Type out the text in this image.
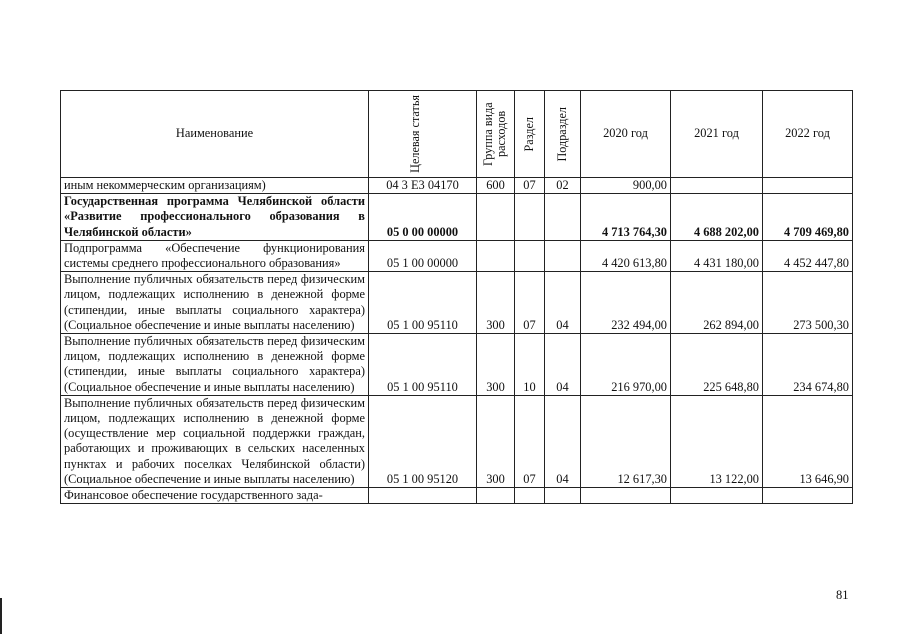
Наименование	Целевая статья	Группа вида расходов	Раздел	Подраздел	2020 год	2021 год	2022 год
иным некоммерческим организациям)	04 3 E3 04170	600	07	02	900,00		
Государственная программа Челябинской области «Развитие профессионального образования в Челябинской области»	05 0 00 00000				4 713 764,30	4 688 202,00	4 709 469,80
Подпрограмма «Обеспечение функционирования системы среднего профессионального образования»	05 1 00 00000				4 420 613,80	4 431 180,00	4 452 447,80
Выполнение публичных обязательств перед физическим лицом, подлежащих исполнению в денежной форме (стипендии, иные выплаты социального характера) (Социальное обеспечение и иные выплаты населению)	05 1 00 95110	300	07	04	232 494,00	262 894,00	273 500,30
Выполнение публичных обязательств перед физическим лицом, подлежащих исполнению в денежной форме (стипендии, иные выплаты социального характера) (Социальное обеспечение и иные выплаты населению)	05 1 00 95110	300	10	04	216 970,00	225 648,80	234 674,80
Выполнение публичных обязательств перед физическим лицом, подлежащих исполнению в денежной форме (осуществление мер социальной поддержки граждан, работающих и проживающих в сельских населенных пунктах и рабочих поселках Челябинской области) (Социальное обеспечение и иные выплаты населению)	05 1 00 95120	300	07	04	12 617,30	13 122,00	13 646,90
Финансовое обеспечение государственного зада-							
81
